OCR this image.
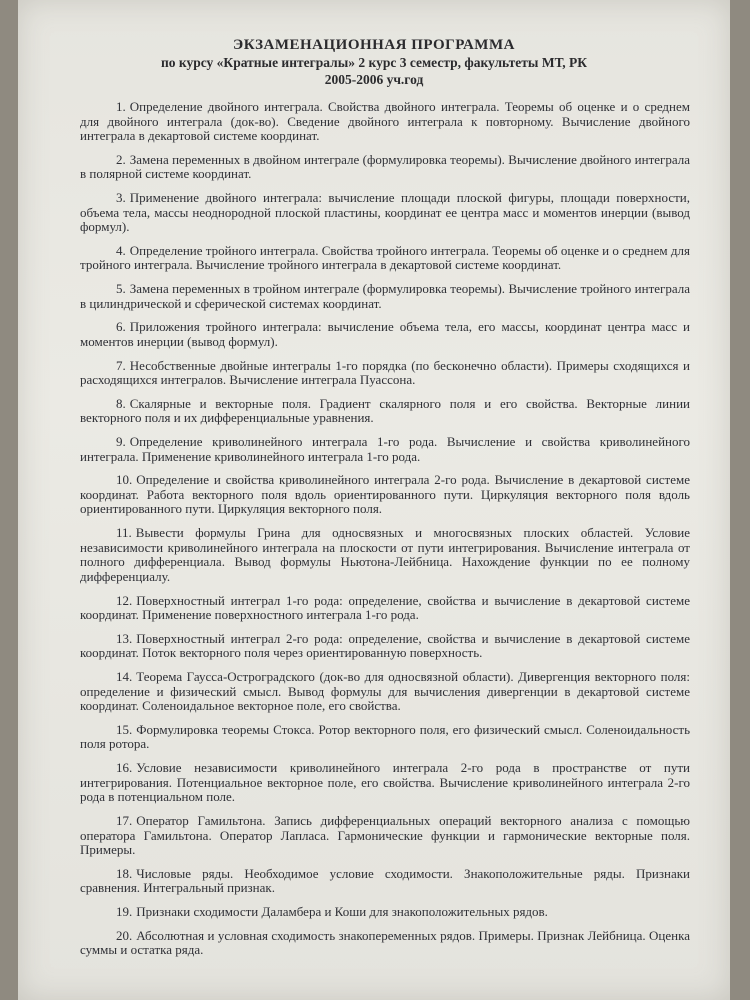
ЭКЗАМЕНАЦИОННАЯ ПРОГРАММА

по курсу «Кратные интегралы» 2 курс 3 семестр, факультеты МТ, РК

2005-2006 уч.год

1. Определение двойного интеграла. Свойства двойного интеграла. Теоремы об оценке и о среднем для двойного интеграла (док-во). Сведение двойного интеграла к повторному. Вычисление двойного интеграла в декартовой системе координат.

2. Замена переменных в двойном интеграле (формулировка теоремы). Вычисление двойного интеграла в полярной системе координат.

3. Применение двойного интеграла: вычисление площади плоской фигуры, площади поверхности, объема тела, массы неоднородной плоской пластины, координат ее центра масс и моментов инерции (вывод формул).

4. Определение тройного интеграла. Свойства тройного интеграла. Теоремы об оценке и о среднем для тройного интеграла. Вычисление тройного интеграла в декартовой системе координат.

5. Замена переменных в тройном интеграле (формулировка теоремы). Вычисление тройного интеграла в цилиндрической и сферической системах координат.

6. Приложения тройного интеграла: вычисление объема тела, его массы, координат центра масс и моментов инерции (вывод формул).

7. Несобственные двойные интегралы 1-го порядка (по бесконечно области). Примеры сходящихся и расходящихся интегралов. Вычисление интеграла Пуассона.

8. Скалярные и векторные поля. Градиент скалярного поля и его свойства. Векторные линии векторного поля и их дифференциальные уравнения.

9. Определение криволинейного интеграла 1-го рода. Вычисление и свойства криволинейного интеграла. Применение криволинейного интеграла 1-го рода.

10. Определение и свойства криволинейного интеграла 2-го рода. Вычисление в декартовой системе координат. Работа векторного поля вдоль ориентированного пути. Циркуляция векторного поля вдоль ориентированного пути. Циркуляция векторного поля.

11. Вывести формулы Грина для односвязных и многосвязных плоских областей. Условие независимости криволинейного интеграла на плоскости от пути интегрирования. Вычисление интеграла от полного дифференциала. Вывод формулы Ньютона-Лейбница. Нахождение функции по ее полному дифференциалу.

12. Поверхностный интеграл 1-го рода: определение, свойства и вычисление в декартовой системе координат. Применение поверхностного интеграла 1-го рода.

13. Поверхностный интеграл 2-го рода: определение, свойства и вычисление в декартовой системе координат. Поток векторного поля через ориентированную поверхность.

14. Теорема Гаусса-Остроградского (док-во для односвязной области). Дивергенция векторного поля: определение и физический смысл. Вывод формулы для вычисления дивергенции в декартовой системе координат. Соленоидальное векторное поле, его свойства.

15. Формулировка теоремы Стокса. Ротор векторного поля, его физический смысл. Соленоидальность поля ротора.

16. Условие независимости криволинейного интеграла 2-го рода в пространстве от пути интегрирования. Потенциальное векторное поле, его свойства. Вычисление криволинейного интеграла 2-го рода в потенциальном поле.

17. Оператор Гамильтона. Запись дифференциальных операций векторного анализа с помощью оператора Гамильтона. Оператор Лапласа. Гармонические функции и гармонические векторные поля. Примеры.

18. Числовые ряды. Необходимое условие сходимости. Знакоположительные ряды. Признаки сравнения. Интегральный признак.

19. Признаки сходимости Даламбера и Коши для знакоположительных рядов.

20. Абсолютная и условная сходимость знакопеременных рядов. Примеры. Признак Лейбница. Оценка суммы и остатка ряда.
